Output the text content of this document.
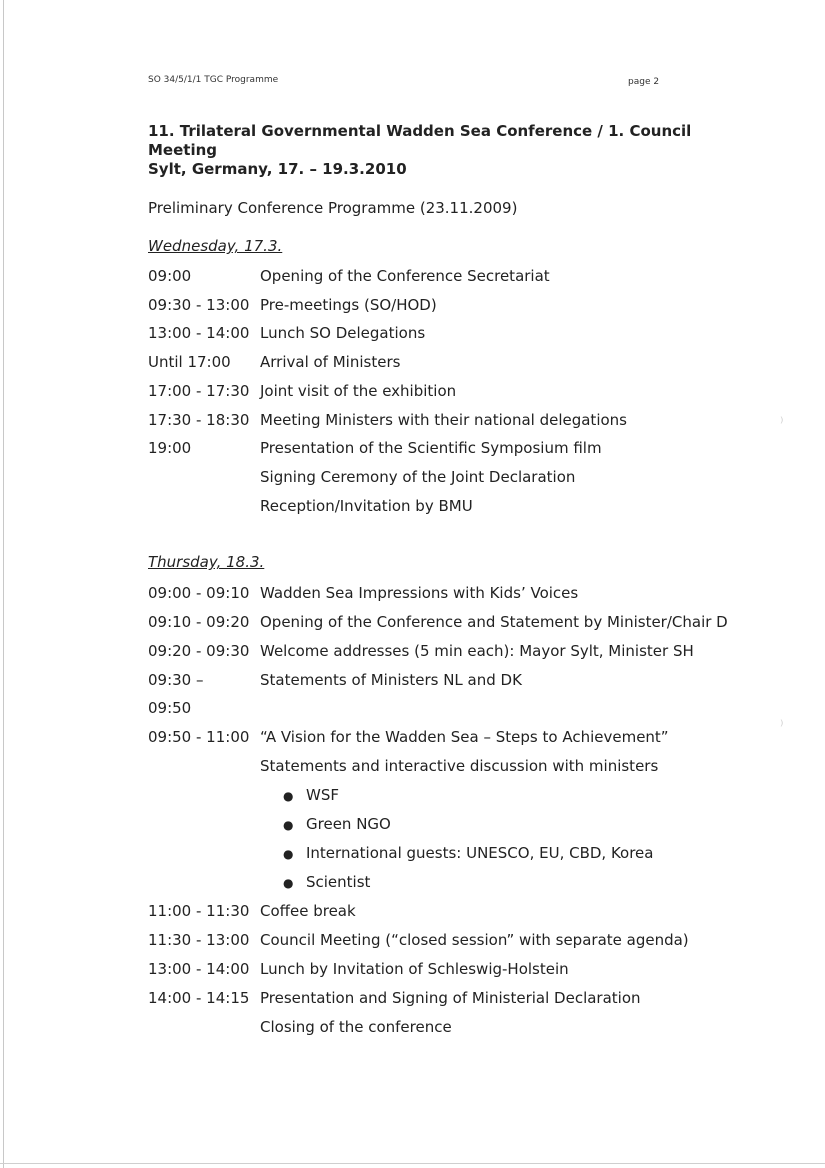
SO 34/5/1/1 TGC Programme	page 2
11. Trilateral Governmental Wadden Sea Conference / 1. Council
Meeting
Sylt, Germany, 17. – 19.3.2010
Preliminary Conference Programme (23.11.2009)
Wednesday, 17.3.
09:00	Opening of the Conference Secretariat
09:30 - 13:00 Pre-meetings (SO/HOD)
13:00 - 14:00 Lunch SO Delegations
Until 17:00	Arrival of Ministers
17:00 - 17:30 Joint visit of the exhibition
17:30 - 18:30 Meeting Ministers with their national delegations
19:00	Presentation of the Scientific Symposium film
Signing Ceremony of the Joint Declaration
Reception/Invitation by BMU
Thursday, 18.3.
09:00 - 09:10 Wadden Sea Impressions with Kids’ Voices
09:10 - 09:20 Opening of the Conference and Statement by Minister/Chair D
09:20 - 09:30 Welcome addresses (5 min each): Mayor Sylt, Minister SH
09:30 –	Statements of Ministers NL and DK
09:50
09:50 - 11:00 “A Vision for the Wadden Sea – Steps to Achievement”
Statements and interactive discussion with ministers
● WSF
● Green NGO
● International guests: UNESCO, EU, CBD, Korea
● Scientist
11:00 - 11:30 Coffee break
11:30 - 13:00 Council Meeting (“closed session” with separate agenda)
13:00 - 14:00 Lunch by Invitation of Schleswig-Holstein
14:00 - 14:15 Presentation and Signing of Ministerial Declaration
Closing of the conference
⁾
⁾
